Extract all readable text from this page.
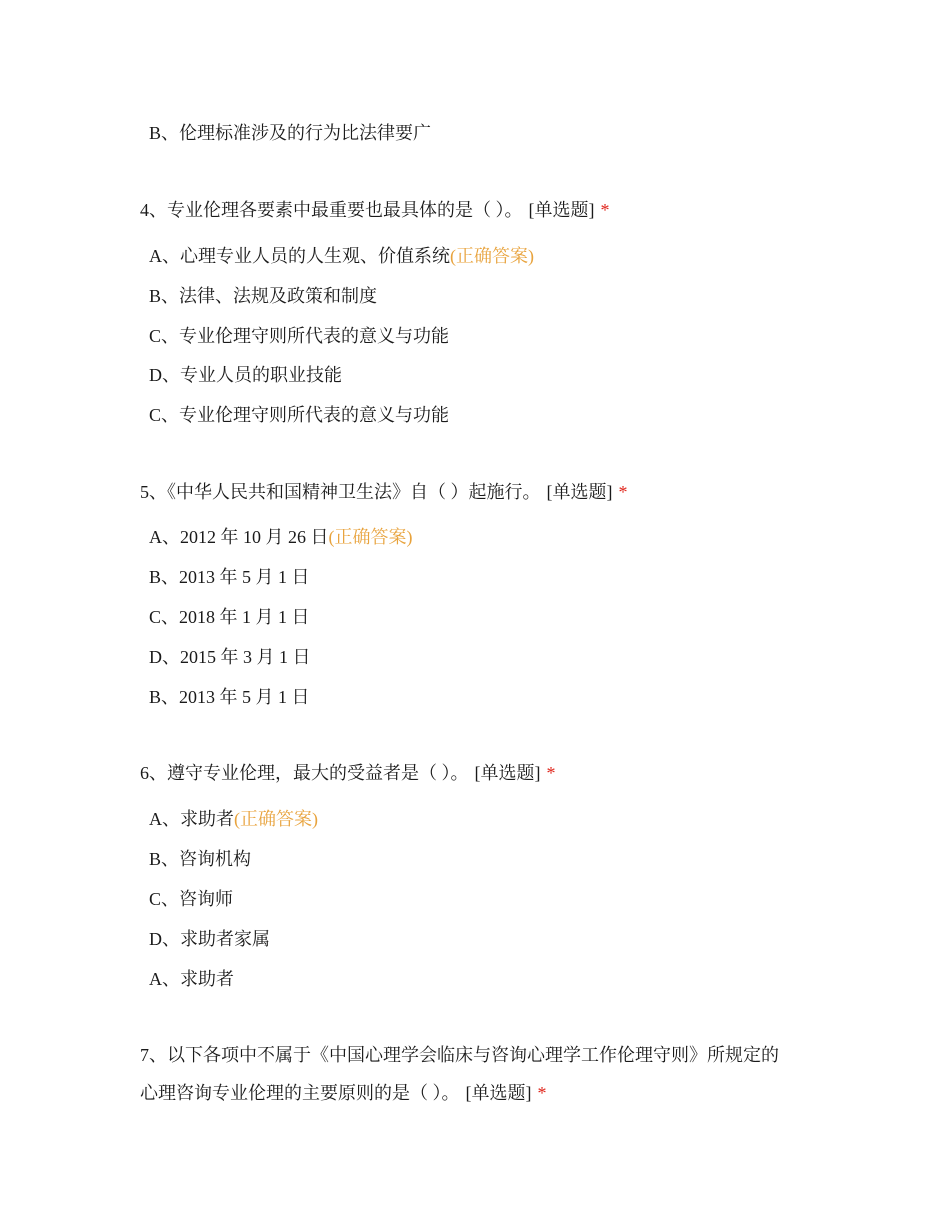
B、伦理标准涉及的行为比法律要广
4、专业伦理各要素中最重要也最具体的是（ ）。 [单选题] *
A、心理专业人员的人生观、价值系统(正确答案)
B、法律、法规及政策和制度
C、专业伦理守则所代表的意义与功能
D、专业人员的职业技能
C、专业伦理守则所代表的意义与功能
5、《中华人民共和国精神卫生法》自（ ）起施行。 [单选题] *
A、2012 年 10 月 26 日(正确答案)
B、2013 年 5 月 1 日
C、2018 年 1 月 1 日
D、2015 年 3 月 1 日
B、2013 年 5 月 1 日
6、遵守专业伦理，最大的受益者是（ ）。 [单选题] *
A、求助者(正确答案)
B、咨询机构
C、咨询师
D、求助者家属
A、求助者
7、以下各项中不属于《中国心理学会临床与咨询心理学工作伦理守则》所规定的
心理咨询专业伦理的主要原则的是（ ）。 [单选题] *
